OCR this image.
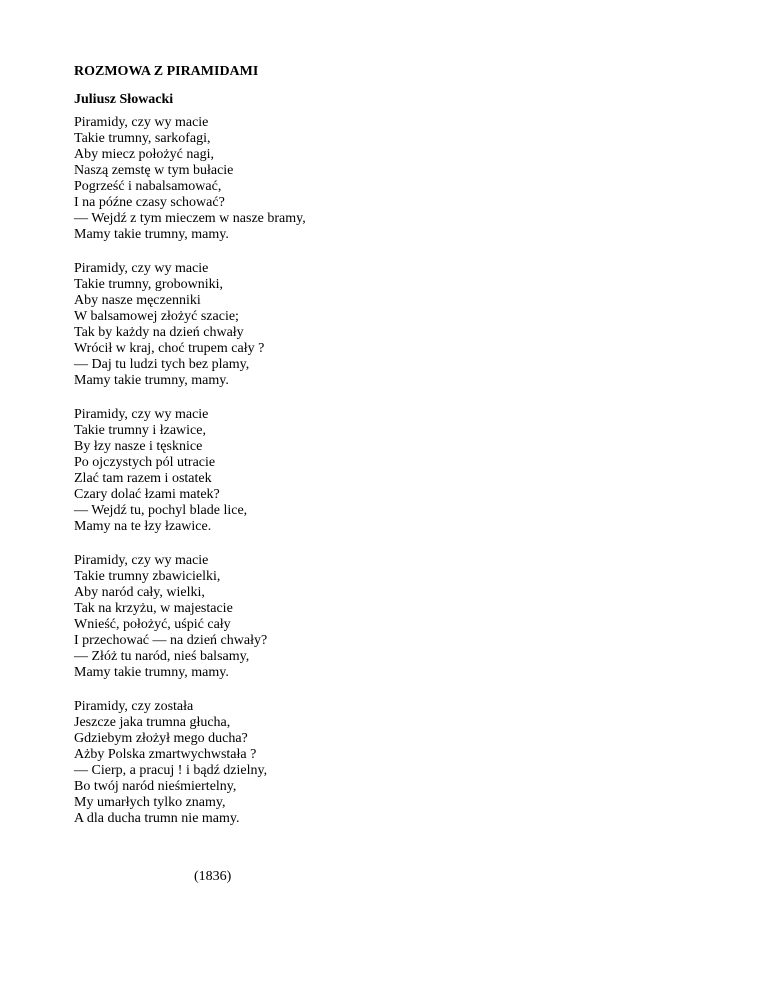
ROZMOWA Z PIRAMIDAMI
Juliusz Słowacki
Piramidy, czy wy macie
Takie trumny, sarkofagi,
Aby miecz położyć nagi,
Naszą zemstę w tym bułacie
Pogrześć i nabalsamować,
I na późne czasy schować?
— Wejdź z tym mieczem w nasze bramy,
Mamy takie trumny, mamy.
Piramidy, czy wy macie
Takie trumny, grobowniki,
Aby nasze męczenniki
W balsamowej złożyć szacie;
Tak by każdy na dzień chwały
Wrócił w kraj, choć trupem cały ?
— Daj tu ludzi tych bez plamy,
Mamy takie trumny, mamy.
Piramidy, czy wy macie
Takie trumny i łzawice,
By łzy nasze i tęsknice
Po ojczystych pól utracie
Zlać tam razem i ostatek
Czary dolać łzami matek?
— Wejdź tu, pochyl blade lice,
Mamy na te łzy łzawice.
Piramidy, czy wy macie
Takie trumny zbawicielki,
Aby naród cały, wielki,
Tak na krzyżu, w majestacie
Wnieść, położyć, uśpić cały
I przechować — na dzień chwały?
— Złóż tu naród, nieś balsamy,
Mamy takie trumny, mamy.
Piramidy, czy została
Jeszcze jaka trumna głucha,
Gdziebym złożył mego ducha?
Ażby Polska zmartwychwstała ?
— Cierp, a pracuj ! i bądź dzielny,
Bo twój naród nieśmiertelny,
My umarłych tylko znamy,
A dla ducha trumn nie mamy.
(1836)
